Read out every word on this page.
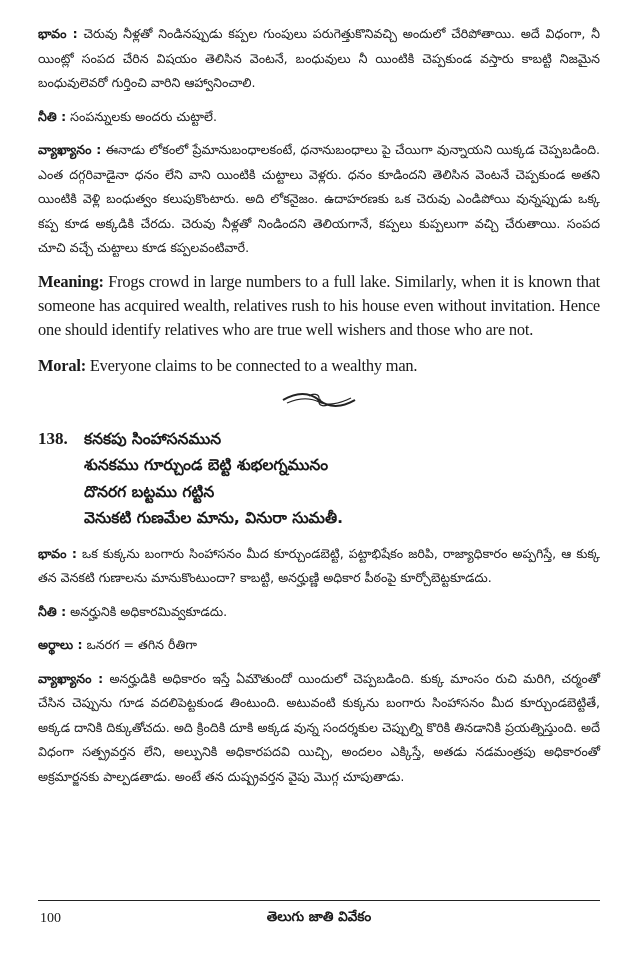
భావం : చెరువు నీళ్లతో నిండినప్పుడు కప్పల గుంపులు పరుగెత్తుకొనివచ్చి అందులో చేరిపోతాయి. అదే విధంగా, నీ యింట్లో సంపద చేరిన విషయం తెలిసిన వెంటనే, బంధువులు నీ యింటికి చెప్పకుండ వస్తారు కాబట్టి నిజమైన బంధువులెవరో గుర్తించి వారిని ఆహ్వానించాలి.

నీతి : సంపన్నులకు అందరు చుట్టాలే.

వ్యాఖ్యానం : ఈనాడు లోకంలో ప్రేమానుబంధాలకంటే, ధనానుబంధాలు పై చేయిగా వున్నాయని యిక్కడ చెప్పబడింది. ఎంత దగ్గరివాడైనా ధనం లేని వాని యింటికి చుట్టాలు వెళ్లరు. ధనం కూడిందని తెలిసిన వెంటనే చెప్పకుండ అతని యింటికి వెళ్లి బంధుత్వం కలుపుకొంటారు. అది లోకనైజం. ఉదాహరణకు ఒక చెరువు ఎండిపోయి వున్నప్పుడు ఒక్క కప్ప కూడ అక్కడికి చేరదు. చెరువు నీళ్లతో నిండిందని తెలియగానే, కప్పలు కుప్పలుగా వచ్చి చేరుతాయి. సంపద చూచి వచ్చే చుట్టాలు కూడ కప్పలవంటివారే.

Meaning: Frogs crowd in large numbers to a full lake. Similarly, when it is known that someone has acquired wealth, relatives rush to his house even without invitation. Hence one should identify relatives who are true well wishers and those who are not.

Moral: Everyone claims to be connected to a wealthy man.

138.	కనకపు సింహాసనమున
శునకము గూర్చుండ బెట్టి శుభలగ్నమునం
దొనరగ బట్టము గట్టిన
వెనుకటి గుణమేల మాను, వినురా సుమతీ.

భావం : ఒక కుక్కను బంగారు సింహాసనం మీద కూర్చుండబెట్టి, పట్టాభిషేకం జరిపి, రాజ్యాధికారం అప్పగిస్తే, ఆ కుక్క తన వెనకటి గుణాలను మానుకొంటుందా? కాబట్టి, అనర్హుణ్ణి అధికార పీఠంపై కూర్చోబెట్టకూడదు.

నీతి : అనర్హునికి అధికారమివ్వకూడదు.

అర్థాలు : ఒనరగ = తగిన రీతిగా

వ్యాఖ్యానం : అనర్హుడికి అధికారం ఇస్తే ఏమౌతుందో యిందులో చెప్పబడింది. కుక్క మాంసం రుచి మరిగి, చర్మంతో చేసిన చెప్పును గూడ వదలిపెట్టకుండ తింటుంది. అటువంటి కుక్కను బంగారు సింహాసనం మీద కూర్చుండబెట్టితే, అక్కడ దానికి దిక్కుతోచదు. అది క్రిందికి దూకి అక్కడ వున్న సందర్శకుల చెప్పుల్ని కొరికి తినడానికి ప్రయత్నిస్తుంది. అదే విధంగా సత్ప్రవర్తన లేని, అల్పునికి అధికారపదవి యిచ్చి, అందలం ఎక్కిస్తే, అతడు నడమంత్రపు అధికారంతో అక్రమార్జనకు పాల్పడతాడు. అంటే తన దుష్ప్రవర్తన వైపు మొగ్గ చూపుతాడు.

100	తెలుగు జాతి వివేకం
